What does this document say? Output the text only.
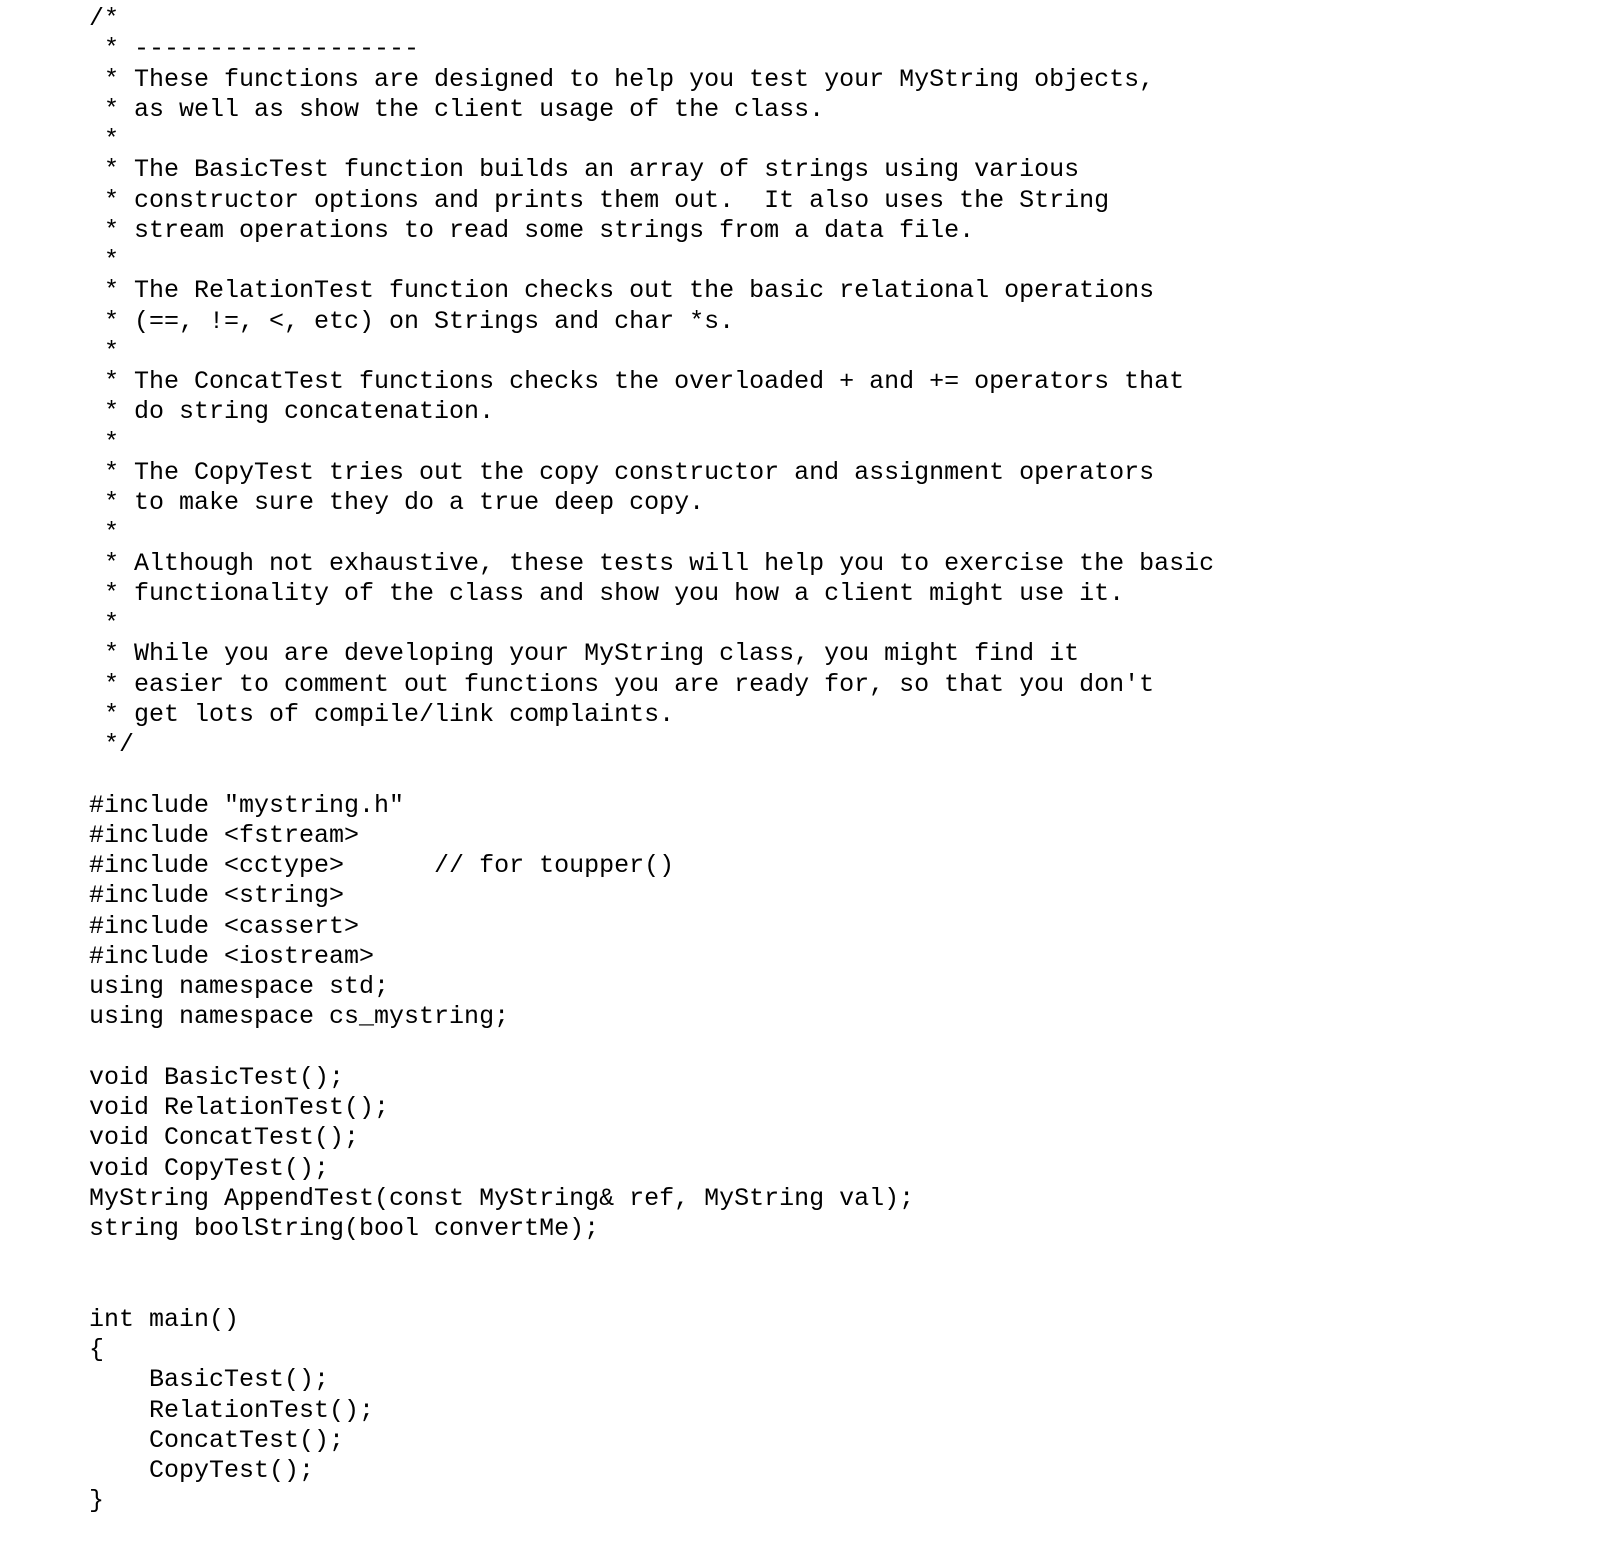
/*
* -------------------
* These functions are designed to help you test your MyString objects,
* as well as show the client usage of the class.
*
* The BasicTest function builds an array of strings using various
* constructor options and prints them out.  It also uses the String
* stream operations to read some strings from a data file.
*
* The RelationTest function checks out the basic relational operations
* (==, !=, <, etc) on Strings and char *s.
*
* The ConcatTest functions checks the overloaded + and += operators that
* do string concatenation.
*
* The CopyTest tries out the copy constructor and assignment operators
* to make sure they do a true deep copy.
*
* Although not exhaustive, these tests will help you to exercise the basic
* functionality of the class and show you how a client might use it.
*
* While you are developing your MyString class, you might find it
* easier to comment out functions you are ready for, so that you don't
* get lots of compile/link complaints.
*/
#include "mystring.h"
#include <fstream>
#include <cctype>      // for toupper()
#include <string>
#include <cassert>
#include <iostream>
using namespace std;
using namespace cs_mystring;
void BasicTest();
void RelationTest();
void ConcatTest();
void CopyTest();
MyString AppendTest(const MyString& ref, MyString val);
string boolString(bool convertMe);
int main()
{
BasicTest();
RelationTest();
ConcatTest();
CopyTest();
}
